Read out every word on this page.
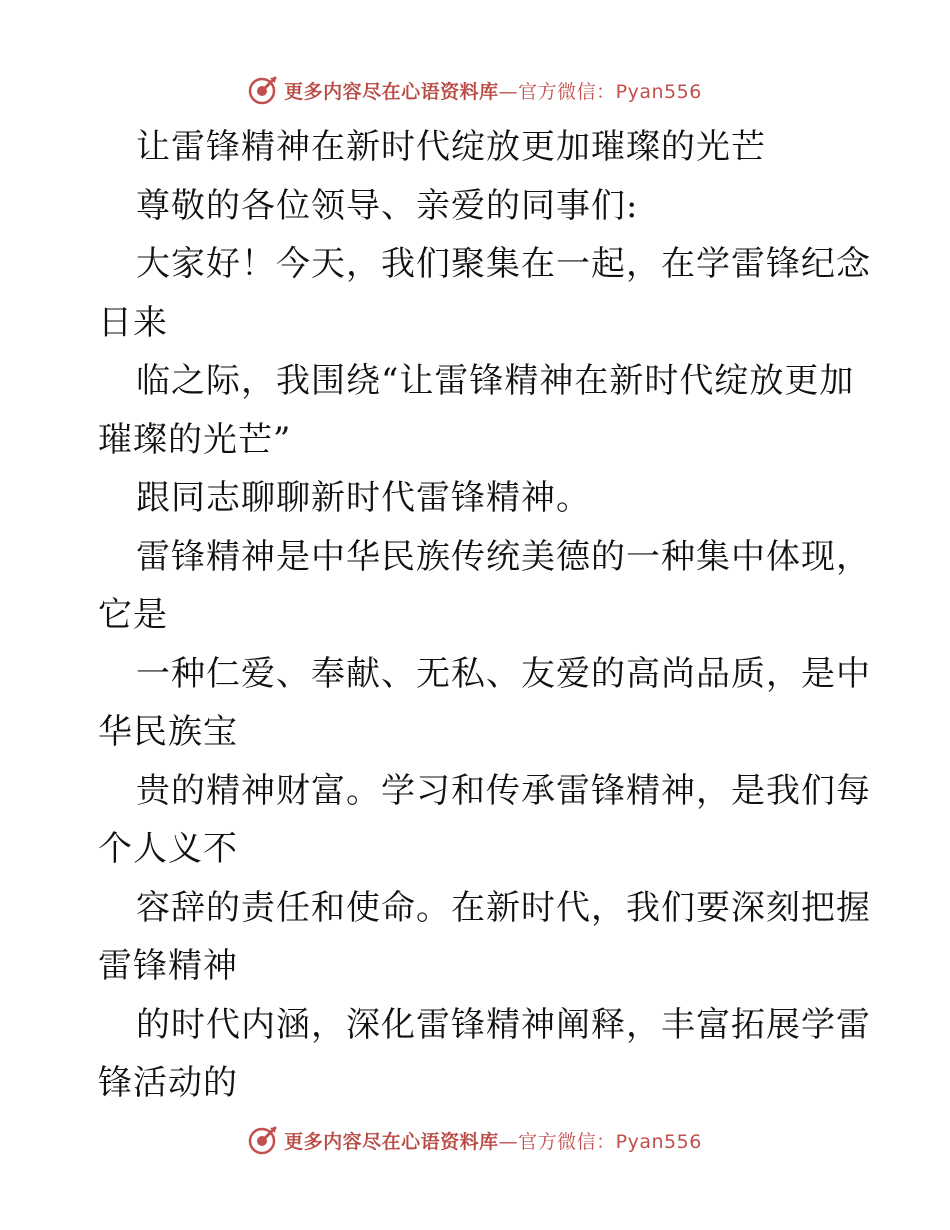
更多内容尽在心语资料库—官方微信：Pyan556
让雷锋精神在新时代绽放更加璀璨的光芒
尊敬的各位领导、亲爱的同事们:
大家好！今天，我们聚集在一起，在学雷锋纪念
日来
临之际，我围绕“让雷锋精神在新时代绽放更加
璀璨的光芒”
跟同志聊聊新时代雷锋精神。
雷锋精神是中华民族传统美德的一种集中体现，
它是
一种仁爱、奉献、无私、友爱的高尚品质，是中
华民族宝
贵的精神财富。学习和传承雷锋精神，是我们每
个人义不
容辞的责任和使命。在新时代，我们要深刻把握
雷锋精神
的时代内涵，深化雷锋精神阐释，丰富拓展学雷
锋活动的
更多内容尽在心语资料库—官方微信：Pyan556
